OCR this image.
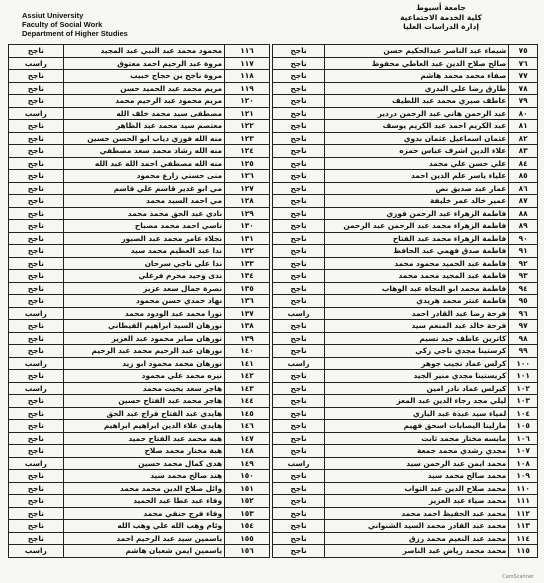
Assiut University
Faculty of Social Work
Department of Higher Studies
جامعة أسيوط
كلية الخدمة الاجتماعية
إدارة الدراسات العليا
٧٥	شيماء عبد الناصر عبدالحكيم حسن	ناجح
٧٦	صالح صلاح الدين عبد العاطي محفوظ	ناجح
٧٧	صفاء محمد محمد هاشم	ناجح
٧٨	طارق رضا علي البدري	ناجح
٧٩	عاطف صبري محمد عبد اللطيف	ناجح
٨٠	عبد الرحمن هاني عبد الرحمن دردير	ناجح
٨١	عبد الكريم احمد عبد الكريم يوسف	ناجح
٨٢	عثمان اسماعيل عثمان بدوي	ناجح
٨٣	علاء الدين اشرف عباس حمزه	ناجح
٨٤	علي حسن علي محمد	ناجح
٨٥	علياء ياسر علم الدين احمد	ناجح
٨٦	عمار عبد صديق نص	ناجح
٨٧	عمير خالد عمر خليفة	ناجح
٨٨	فاطمة الزهراء عبد الرحمن فوزي	ناجح
٨٩	فاطمة الزهراء محمد عبد الرحمن عبد الرحمن	ناجح
٩٠	فاطمة الزهراء محمد عبد الفتاح	ناجح
٩١	فاطمة صدق فهمي عبد الحافظ	ناجح
٩٢	فاطمة عبد الحميد محمود محمد	ناجح
٩٣	فاطمة عبد المجيد محمد محمد	ناجح
٩٤	فاطمة محمد ابو النجاة عبد الوهاب	ناجح
٩٥	فاطمة عنتر محمد هريدي	ناجح
٩٦	فرحة رضا عبد القادر احمد	راسب
٩٧	فرحة خالد عبد المنعم سيد	ناجح
٩٨	كاترين عاطف جيد تسيم	ناجح
٩٩	كرستينا مجدي ناجي زكي	ناجح
١٠٠	كرلس عماد نجيب جوهر	راسب
١٠١	كريستينا مجدي منير الجيد	ناجح
١٠٢	كيرلس عماد نادر امين	ناجح
١٠٣	ليلي مجد رجاء الدين عبد المعز	ناجح
١٠٤	لمياء سيد عبدة عبد الباري	ناجح
١٠٥	مارلينا اليصابات اسحق فهيم	ناجح
١٠٦	مايسه مختار محمد ثابت	ناجح
١٠٧	مجدي رشدي محمد جمعة	ناجح
١٠٨	محمد ايمن عبد الرحمن سيد	راسب
١٠٩	محمد صالح محمد سيد	ناجح
١١٠	محمد صلاح الدين عبد التواب	ناجح
١١١	محمد ضياء عبد العزيز	ناجح
١١٢	محمد عبد الحفيظ احمد محمد	ناجح
١١٣	محمد عبد القادر محمد السيد الشنواني	ناجح
١١٤	محمد عبد النعيم محمد رزق	ناجح
١١٥	محمد محمد رياض عبد الناصر	ناجح
١١٦	محمود محمد عبد النبي عبد المجيد	ناجح
١١٧	مروة عبد الرحيم احمد معتوق	راسب
١١٨	مروة ناجح بن حجاج حبيب	ناجح
١١٩	مريم محمد عبد الحميد حسن	ناجح
١٢٠	مريم محمود عبد الرحيم محمد	ناجح
١٢١	مصطفى سيد محمد خلف الله	راسب
١٢٢	معتصم سيد محمد عبد الظاهر	ناجح
١٢٣	منه الله فوزي دياب ابو الحسن حسين	ناجح
١٢٤	منه الله رشاد محمد سعد مصطفي	ناجح
١٢٥	منه الله مصطفي احمد الله عبد الله	ناجح
١٢٦	منى حسني زارع محمود	ناجح
١٢٧	مي ابو غدير قاسم علي قاسم	ناجح
١٢٨	مي احمد السيد محمد	ناجح
١٢٩	نادي عبد الحق محمد محمد	ناجح
١٣٠	ناسي احمد محمد مصباح	ناجح
١٣١	نجلاء عامر محمد عبد الصبور	ناجح
١٣٢	ندا عبد العظيم محمد سيد	ناجح
١٣٣	ندا علي ناجي سرحان	ناجح
١٣٤	ندى وحيد محرم فرغلي	ناجح
١٣٥	نصرة جمال سعد عزيز	ناجح
١٣٦	نهاد حمدي حسن محمود	ناجح
١٣٧	نورا محمد عبد الودود محمد	راسب
١٣٨	نورهان السيد ابراهيم الفيطاني	ناجح
١٣٩	نورهان صابر محمود عبد العزيز	ناجح
١٤٠	نورهان عبد الرحيم محمد عبد الرحيم	ناجح
١٤١	نورهان محمد محمود ابو زيد	راسب
١٤٢	نيره محمد علي محمود	ناجح
١٤٣	هاجر سعد بخيت محمد	راسب
١٤٤	هاجر محمد عبد الفتاح حسين	ناجح
١٤٥	هايدي عبد الفتاح فراج عبد الحق	ناجح
١٤٦	هايدي علاء الدين ابراهيم ابراهيم	ناجح
١٤٧	هبه محمد عبد الفتاح حميد	ناجح
١٤٨	هبة مختار محمد صلاح	ناجح
١٤٩	هدى كمال محمد حسين	راسب
١٥٠	هند صالح محمد سيد	ناجح
١٥١	وائل صلاح الدين محمد محمد	ناجح
١٥٢	وفاء عبد عطا عبد الحميد	ناجح
١٥٣	وفاء فرج حنفي محمد	ناجح
١٥٤	وئام وهب الله علي وهب الله	ناجح
١٥٥	ياسمين سيد عبد الرحيم احمد	ناجح
١٥٦	ياسمين ايمن شعبان هاشم	راسب
CamScanner
